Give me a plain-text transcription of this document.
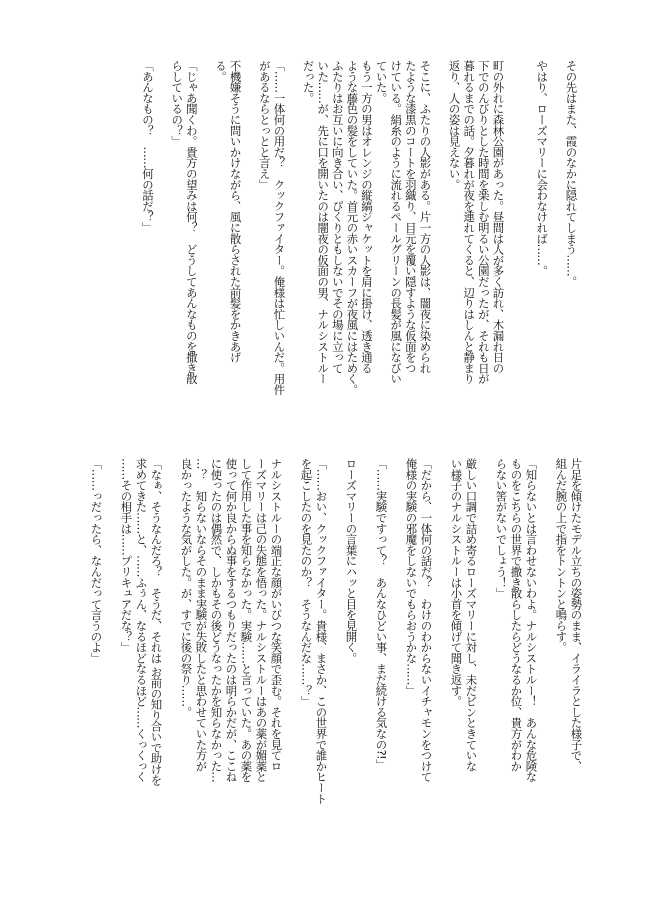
その先はまた、霞のなかに隠れてしまう……。
やはり、ローズマリーに会わなければ……。
町の外れに森林公園があった。昼間は人が多く訪れ、木漏れ日の
下でのんびりとした時間を楽しむ明るい公園だったが、それも日が
暮れるまでの話。夕暮れが夜を連れてくると、辺りはしんと静まり
返り、人の姿は見えない。
そこに、ふたりの人影がある。片一方の人影は、闇夜に染められ
たような漆黒のコートを羽織り、目元を覆い隠すような仮面をつ
けている。絹糸のように流れるペールグリーンの長髪が風になびい
ていた。
もう一方の男はオレンジの縦縞ジャケットを肩に掛け、透き通る
ような藤色の髪をしていた。首元の赤いスカーフが夜風にはためく。
ふたりはお互いに向き合い、ぴくりともしないでその場に立って
いた……が、先に口を開いたのは闇夜の仮面の男、ナルシストルー
だった。
「……一体何の用だ？　クックファイター。俺様は忙しいんだ。用件
があるならとっとと言え」
不機嫌そうに問いかけながら、風に散らされた前髪をかきあげ
る。
「じゃあ聞くわ。貴方の望みは何？　どうしてあんなものを撒き散
らしているの？」
「あんなもの？　……何の話だ？」
片足を傾けたモデル立ちの姿勢のまま、イライラとした様子で、
組んだ腕の上で指をトントンと鳴らす。
「知らないとは言わせないわよ。ナルシストルー！　あんな危険な
ものをこちらの世界で撒き散らしたらどうなるか位、貴方がわか
らない筈がないでしょう！」
厳しい口調で詰め寄るローズマリーに対し、未だピンときていな
い様子のナルシストルーは小首を傾げて聞き返す。
「だから、一体何の話だ？　わけのわからないイチャモンをつけて
俺様の実験の邪魔をしないでもらおうかな……」
「……実験ですって？　あんなひどい事、まだ続ける気なの?!」
ローズマリーの言葉にハッと目を見開く。
「……おい、クックファイター。貴様、まさか、この世界で誰かヒート
を起こしたのを見たのか？　そうなんだな……？」
ナルシストルーの端正な顔がいびつな笑顔で歪む。それを見てロ
ーズマリーは己の失態を悟った。ナルシストルーはあの薬が媚薬と
して作用した事を知らなかった。実験……と言っていた。あの薬を
使って何か良からぬ事をするつもりだったのは明らかだが、ここね
に使ったのは偶然で、しかもその後どうなったかを知らなかった…
…？　知らないならそのまま実験が失敗したと思わせていた方が
良かったような気がした。が、すでに後の祭り……。
「なぁ、そうなんだろ？　そうだ、それは お前の知り合いで助けを
求めてきた……と、……ふぅん、なるほどなるほど……くっくっく
……その相手は……プリキュアだな？」
「……っだったら、なんだって言うのよ」
